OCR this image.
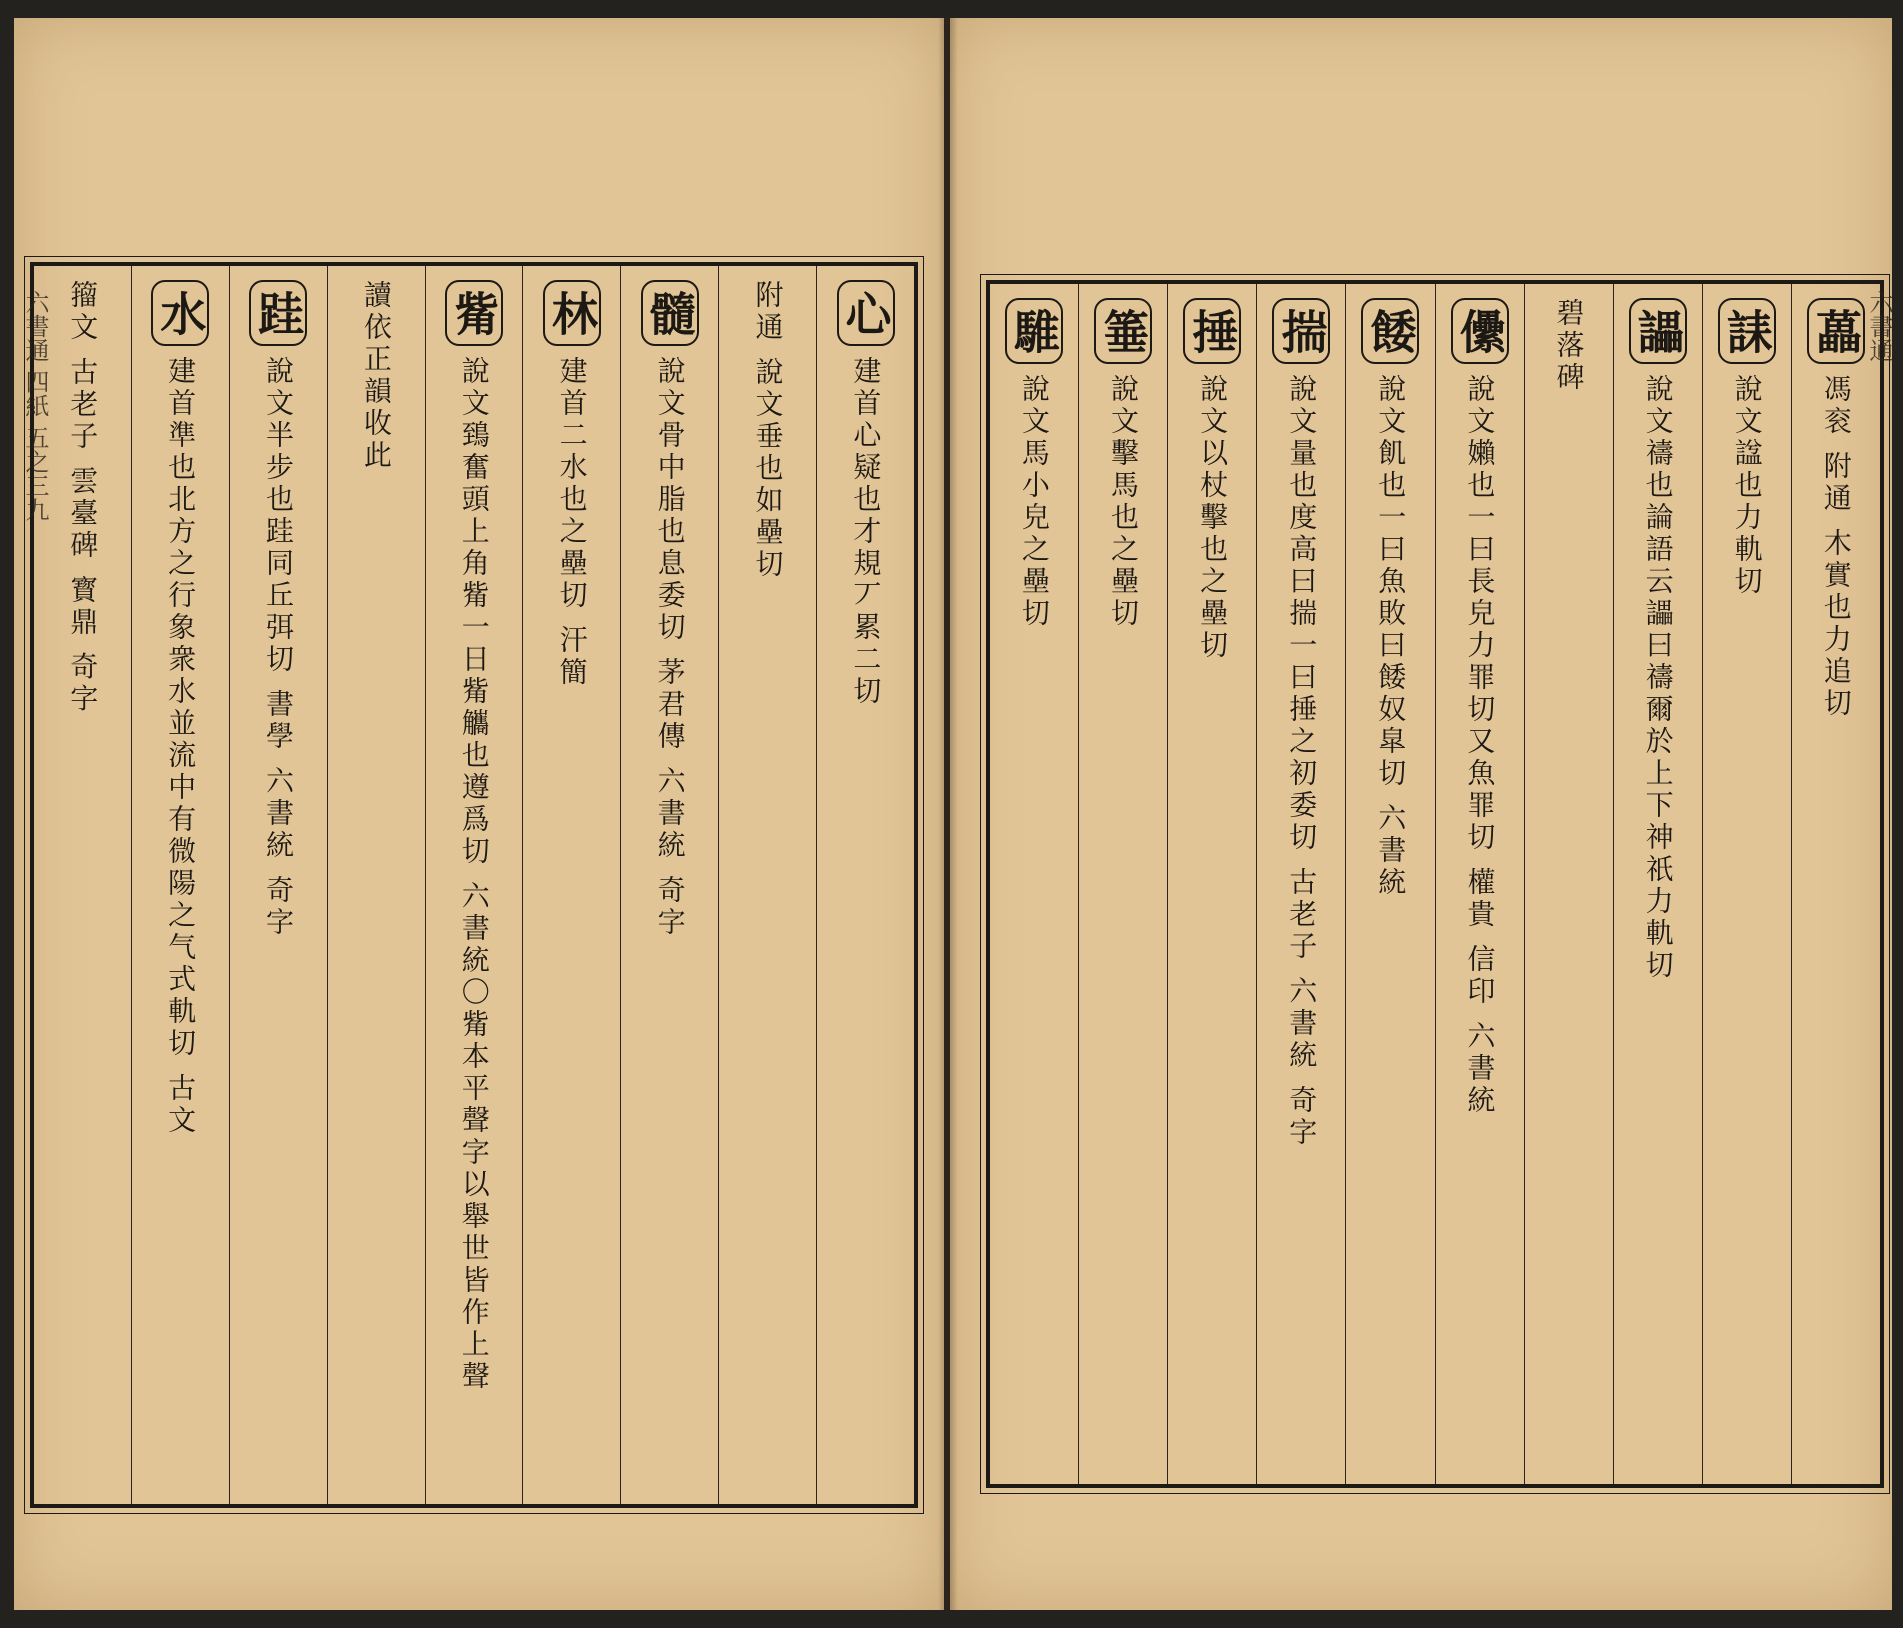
心
建首心疑也才規丆累二切
附通 說文垂也如壘切
髓
說文骨中脂也息委切 茅君傳 六書統 奇字
林
建首二水也之壘切 汗簡
觜
說文鵄奮頭上角觜一日觜觿也遵爲切 六書統〇觜本平聲字以舉世皆作上聲
讀依正韻收此
跬
說文半步也跬同丘弭切 書學 六書統 奇字
水
建首準也北方之行象衆水並流中有微陽之气式軌切 古文
籀文 古老子 雲臺碑 寳鼎 奇字	藟
馮衮 附通 木實也力追切
誄
說文諡也力軌切
讄
說文禱也論語云讄曰禱爾於上下神祇力軌切
碧落碑
儽
說文嬾也一曰長皃力罪切又魚罪切 權貴 信印 六書統
餧
說文飢也一曰魚敗曰餧奴皐切 六書統
揣
說文量也度高曰揣一曰捶之初委切 古老子 六書統 奇字
捶
說文以杖擊也之壘切
箠
說文擊馬也之壘切
騅
說文馬小皃之壘切
六書通 四紙 五之三九	六書通
